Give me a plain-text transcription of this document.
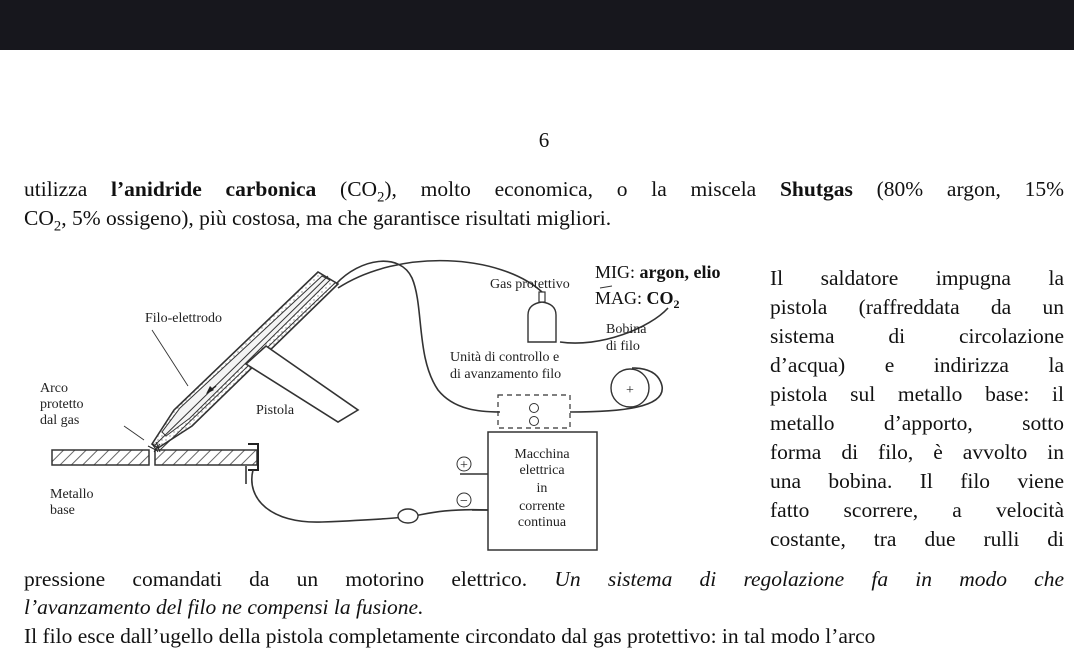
6
utilizza l’anidride carbonica $(CO_2)$, molto economica, o la miscela Shutgas (80% argon, 15%
$CO_2$, 5% ossigeno), più costosa, ma che garantisce risultati migliori.
+
−
+
Gas protettivo
MIG: argon, elio
MAG: $CO_2$
Filo-elettrodo
Bobina
di filo
Unità di controllo e
di avanzamento filo
Arco
protetto
dal gas
Pistola
Macchina
elettrica
in
corrente
continua
Metallo
base
Il saldatore impugna la
pistola (raffreddata da un
sistema di circolazione
d’acqua) e indirizza la
pistola sul metallo base: il
metallo d’apporto, sotto
forma di filo, è avvolto in
una bobina. Il filo viene
fatto scorrere, a velocità
costante, tra due rulli di
pressione comandati da un motorino elettrico. Un sistema di regolazione fa in modo che
l’avanzamento del filo ne compensi la fusione.
Il filo esce dall’ugello della pistola completamente circondato dal gas protettivo: in tal modo l’arco
